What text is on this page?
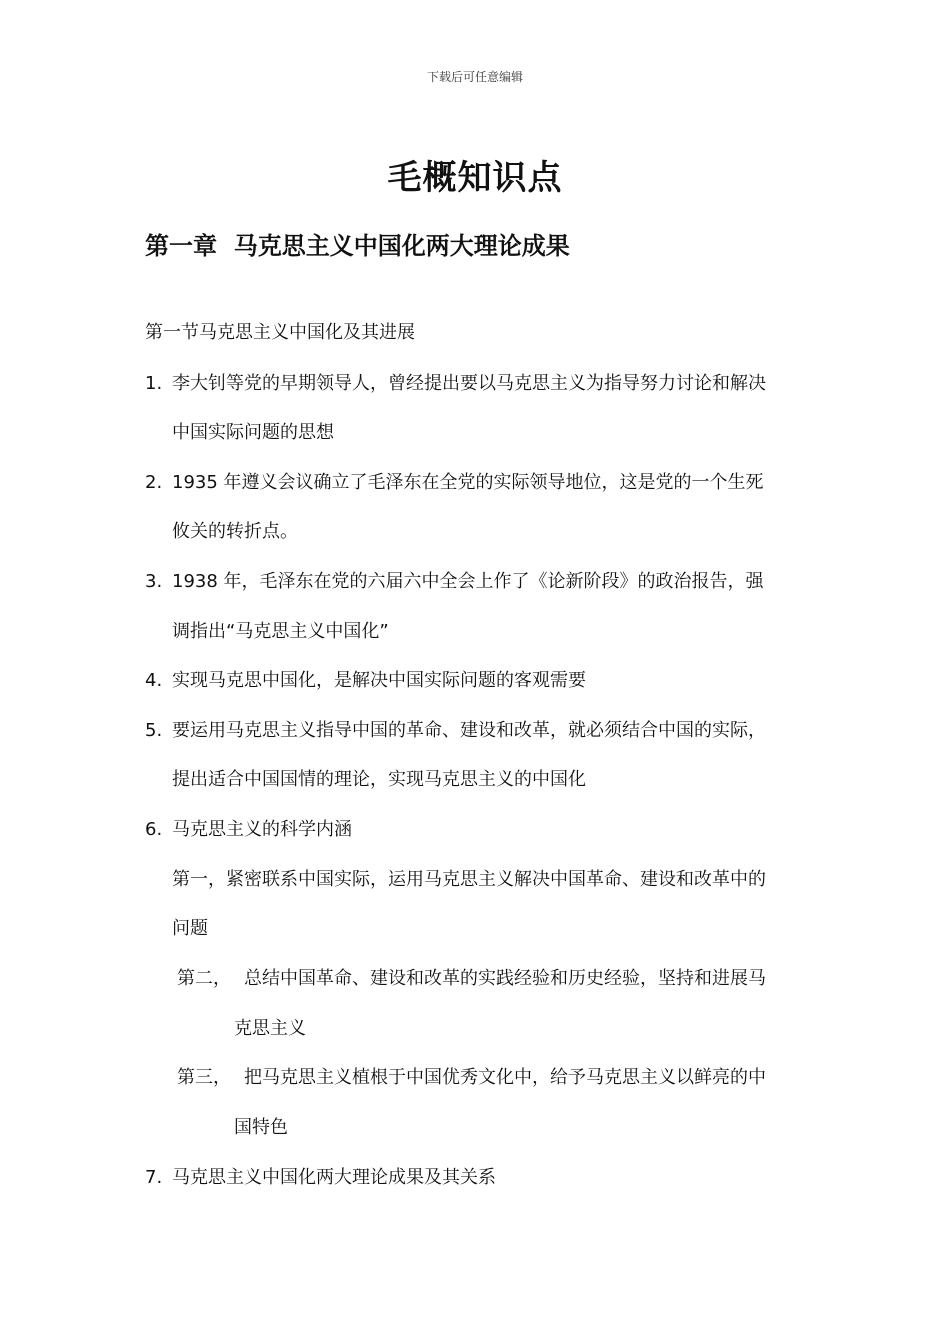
下载后可任意编辑
毛概知识点
第一章  马克思主义中国化两大理论成果
第一节马克思主义中国化及其进展
1. 李大钊等党的早期领导人，曾经提出要以马克思主义为指导努力讨论和解决
中国实际问题的思想
2. 1935 年遵义会议确立了毛泽东在全党的实际领导地位，这是党的一个生死
攸关的转折点。
3. 1938 年，毛泽东在党的六届六中全会上作了《论新阶段》的政治报告，强
调指出“马克思主义中国化”
4. 实现马克思中国化，是解决中国实际问题的客观需要
5. 要运用马克思主义指导中国的革命、建设和改革，就必须结合中国的实际，
提出适合中国国情的理论，实现马克思主义的中国化
6. 马克思主义的科学内涵
第一，紧密联系中国实际，运用马克思主义解决中国革命、建设和改革中的
问题
第二， 总结中国革命、建设和改革的实践经验和历史经验，坚持和进展马
克思主义
第三， 把马克思主义植根于中国优秀文化中，给予马克思主义以鲜亮的中
国特色
7. 马克思主义中国化两大理论成果及其关系
